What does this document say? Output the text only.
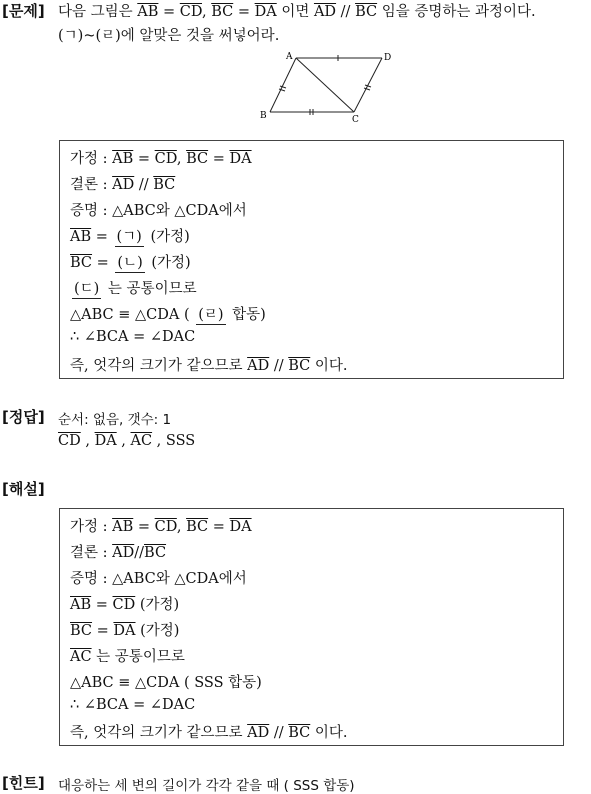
[문제] 다음 그림은 $\overline{AB} = \overline{CD}$, $\overline{BC} = \overline{DA}$ 이면 $\overline{AD} // \overline{BC}$ 임을 증명하는 과정이다.
(ㄱ)~(ㄹ)에 알맞은 것을 써넣어라.
A	D
B	C
가정 : $\overline{AB} = \overline{CD}$, $\overline{BC} = \overline{DA}$
결론 : $\overline{AD} // \overline{BC}$
증명 : △ABC와 △CDA에서
$\overline{AB}$ = (ㄱ) (가정)
$\overline{BC}$ = (ㄴ) (가정)
(ㄷ) 는 공통이므로
△ABC ≡ △CDA ( (ㄹ) 합동)
∴ ∠BCA = ∠DAC
즉, 엇각의 크기가 같으므로 $\overline{AD} // \overline{BC}$ 이다.
[정답] 순서: 없음, 갯수: 1
$\overline{CD}$ , $\overline{DA}$ , $\overline{AC}$ , SSS
[해설]
가정 : $\overline{AB} = \overline{CD}$, $\overline{BC} = \overline{DA}$
결론 : $\overline{AD}//\overline{BC}$
증명 : △ABC와 △CDA에서
$\overline{AB} = \overline{CD}$ (가정)
$\overline{BC} = \overline{DA}$ (가정)
$\overline{AC}$ 는 공통이므로
△ABC ≡ △CDA ( SSS 합동)
∴ ∠BCA = ∠DAC
즉, 엇각의 크기가 같으므로 $\overline{AD} // \overline{BC}$ 이다.
[힌트] 대응하는 세 변의 길이가 각각 같을 때 ( SSS 합동)
